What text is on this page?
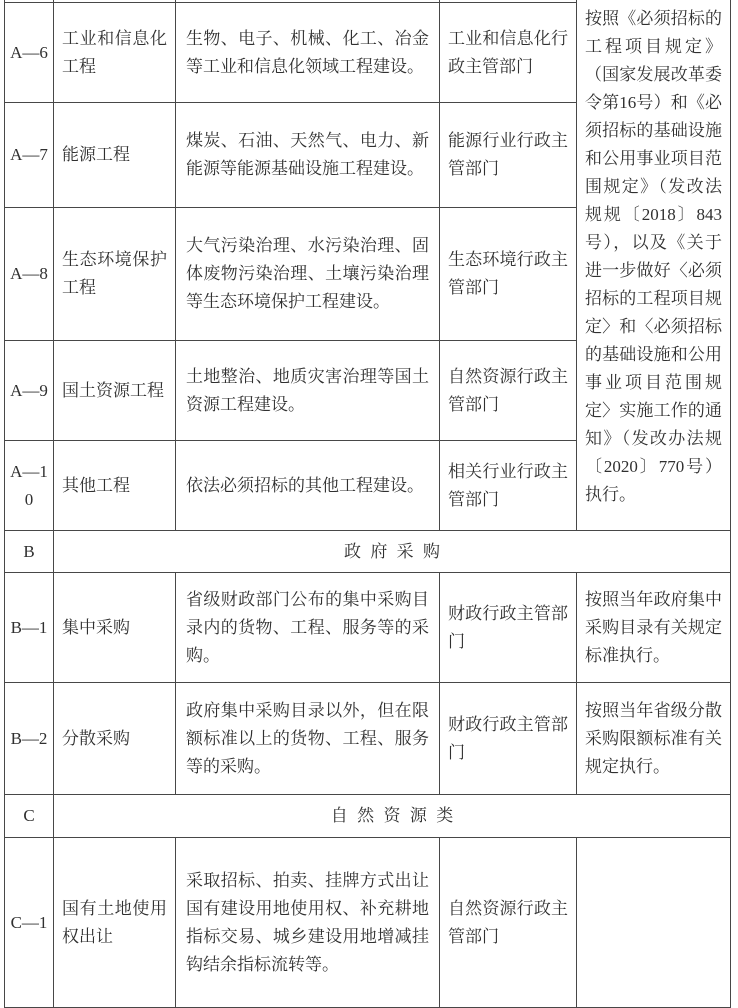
				按照《必须招标的工程项目规定》（国家发展改革委令第16号）和《必须招标的基础设施和公用事业项目范围规定》（发改法规规〔2018〕843号），以及《关于进一步做好〈必须招标的工程项目规定〉和〈必须招标的基础设施和公用事业项目范围规定〉实施工作的通知》（发改办法规〔2020〕770号）执行。
A—6	工业和信息化工程	生物、电子、机械、化工、冶金等工业和信息化领域工程建设。	工业和信息化行政主管部门	
A—7	能源工程	煤炭、石油、天然气、电力、新能源等能源基础设施工程建设。	能源行业行政主管部门	
A—8	生态环境保护工程	大气污染治理、水污染治理、固体废物污染治理、土壤污染治理等生态环境保护工程建设。	生态环境行政主管部门	
A—9	国土资源工程	土地整治、地质灾害治理等国土资源工程建设。	自然资源行政主管部门	
A—10	其他工程	依法必须招标的其他工程建设。	相关行业行政主管部门	
B	政府采购			
B—1	集中采购	省级财政部门公布的集中采购目录内的货物、工程、服务等的采购。	财政行政主管部门	按照当年政府集中采购目录有关规定标准执行。
B—2	分散采购	政府集中采购目录以外，但在限额标准以上的货物、工程、服务等的采购。	财政行政主管部门	按照当年省级分散采购限额标准有关规定执行。
C	自然资源类			
C—1	国有土地使用权出让	采取招标、拍卖、挂牌方式出让国有建设用地使用权、补充耕地指标交易、城乡建设用地增减挂钩结余指标流转等。	自然资源行政主管部门	
